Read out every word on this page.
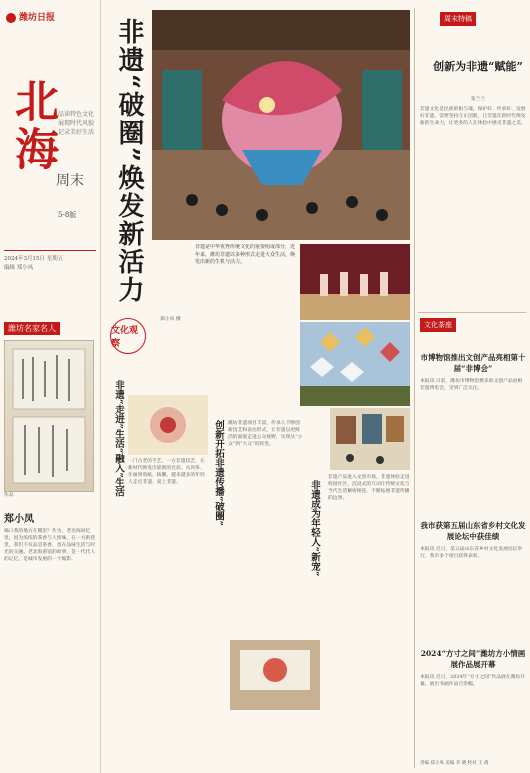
潍坊日报
北海
周末
品读特色文化 展现时代风貌 记录美好生活
5-8版
2024年3月15日 星期五
编辑 郑小凤
潍坊名家名人
作品
郑小凤
喝口茶的地方在哪里？作为，老北海回忆里，因为浓浓的茶香与人情味，在一方街巷里，我们不仅品尝茶香，也在品味生活与时光的交融。老北海茶馆的故事，是一代代人的记忆，是城市发展的一个缩影。
非遗“破圈”焕发新活力	非遗是中华优秀传统文化的重要组成部分，近年来，潍坊非遗以多种形式走进大众生活，焕发出新的生机与活力。
文化观察
郑小凤 摄
非遗“走进”生活“融入”生活	创新开拓非遗传播“破圈”
非遗成为年轻人“新宠”
一门古老的手艺，一方非遗技艺，在新时代焕发出崭新的光彩。从风筝、年画到剪纸、核雕，越来越多的年轻人走近非遗、爱上非遗。
潍坊非遗项目丰富，传承人不断创新技艺和表达形式，让非遗以更鲜活的面貌走进公众视野，实现从“小众”到“大众”的转变。
非遗产品进入文创市场，非遗体验走进校园社区，沉浸式的互动让传统文化与当代生活紧密相连，不断拓展非遗传播的边界。
周末特稿
创新为非遗“赋能”
张兰兰
非遗文化是民族的根与魂。保护好、传承好、发展好非遗，需要坚持守正创新，让非遗在新时代焕发新的生命力，让更多的人在体验中感受非遗之美。
文化茶座
市博物馆推出文创产品亮相第十届“非博会”
本报讯 日前，潍坊市博物馆携多款文创产品亮相非遗博览会，受到广泛关注。
我市获第五届山东省乡村文化发展论坛中获佳绩
本报讯 近日，第五届山东省乡村文化发展论坛举行，我市多个项目获得表彰。
2024“方寸之间”潍坊方小情画展作品展开幕
本报讯 近日，2024年“方寸之间”作品展在潍坊开幕，展出书画作品百余幅。
责编 郑小凤 美编 李 晓 校对 王 倩
